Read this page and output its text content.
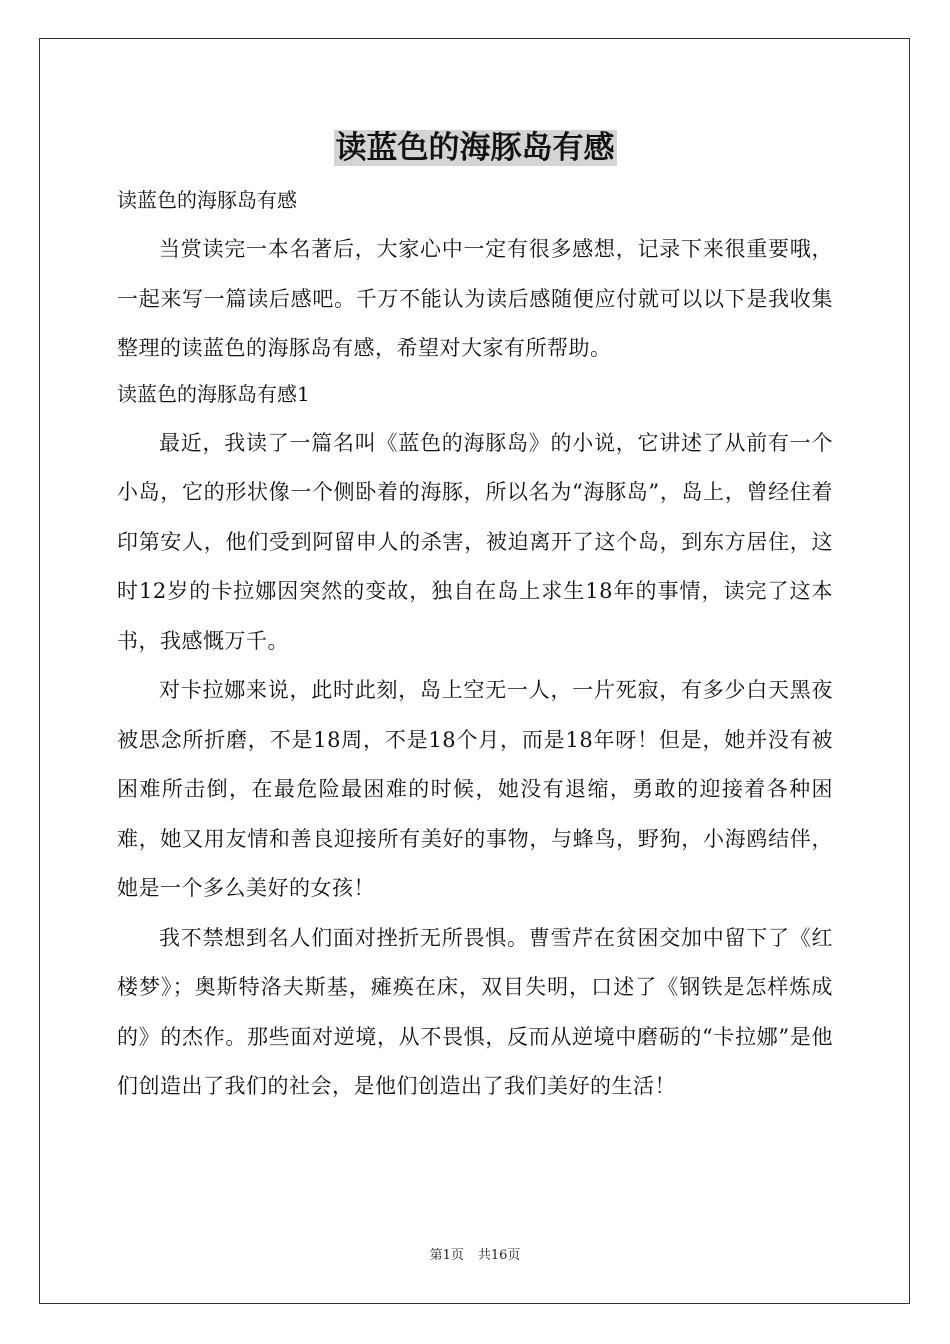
读蓝色的海豚岛有感

读蓝色的海豚岛有感

当赏读完一本名著后，大家心中一定有很多感想，记录下来很重要哦，一起来写一篇读后感吧。千万不能认为读后感随便应付就可以以下是我收集整理的读蓝色的海豚岛有感，希望对大家有所帮助。

读蓝色的海豚岛有感1

最近，我读了一篇名叫《蓝色的海豚岛》的小说，它讲述了从前有一个小岛，它的形状像一个侧卧着的海豚，所以名为“海豚岛”，岛上，曾经住着印第安人，他们受到阿留申人的杀害，被迫离开了这个岛，到东方居住，这时12岁的卡拉娜因突然的变故，独自在岛上求生18年的事情，读完了这本书，我感慨万千。

对卡拉娜来说，此时此刻，岛上空无一人，一片死寂，有多少白天黑夜被思念所折磨，不是18周，不是18个月，而是18年呀！但是，她并没有被困难所击倒，在最危险最困难的时候，她没有退缩，勇敢的迎接着各种困难，她又用友情和善良迎接所有美好的事物，与蜂鸟，野狗，小海鸥结伴，她是一个多么美好的女孩！

我不禁想到名人们面对挫折无所畏惧。曹雪芹在贫困交加中留下了《红楼梦》；奥斯特洛夫斯基，瘫痪在床，双目失明，口述了《钢铁是怎样炼成的》的杰作。那些面对逆境，从不畏惧，反而从逆境中磨砺的“卡拉娜”是他们创造出了我们的社会，是他们创造出了我们美好的生活！

第1页 共16页
